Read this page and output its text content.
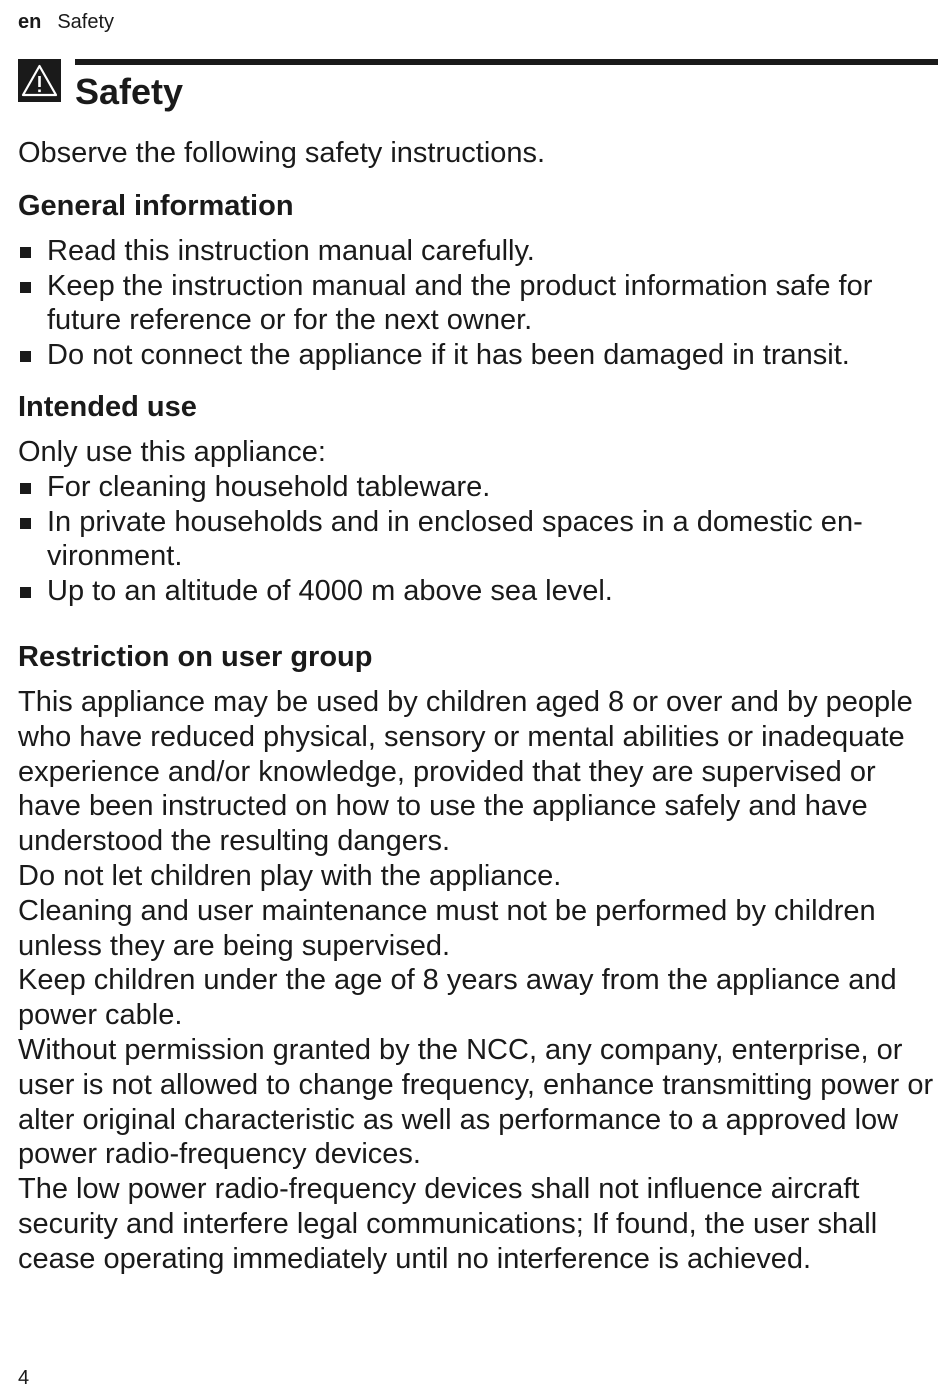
en Safety
Safety

Observe the following safety instructions.

General information
Read this instruction manual carefully.
Keep the instruction manual and the product information safe for future reference or for the next owner.
Do not connect the appliance if it has been damaged in transit.
Intended use

Only use this appliance:

For cleaning household tableware.
In private households and in enclosed spaces in a domestic environment.
Up to an altitude of 4000 m above sea level.
Restriction on user group

This appliance may be used by children aged 8 or over and by people who have reduced physical, sensory or mental abilities or inadequate experience and/or knowledge, provided that they are supervised or have been instructed on how to use the appliance safely and have understood the resulting dangers.

Do not let children play with the appliance.

Cleaning and user maintenance must not be performed by children unless they are being supervised.

Keep children under the age of 8 years away from the appliance and power cable.

Without permission granted by the NCC, any company, enterprise, or user is not allowed to change frequency, enhance transmitting power or alter original characteristic as well as performance to a approved low power radio-frequency devices.

The low power radio-frequency devices shall not influence aircraft security and interfere legal communications; If found, the user shall cease operating immediately until no interference is achieved.

4
